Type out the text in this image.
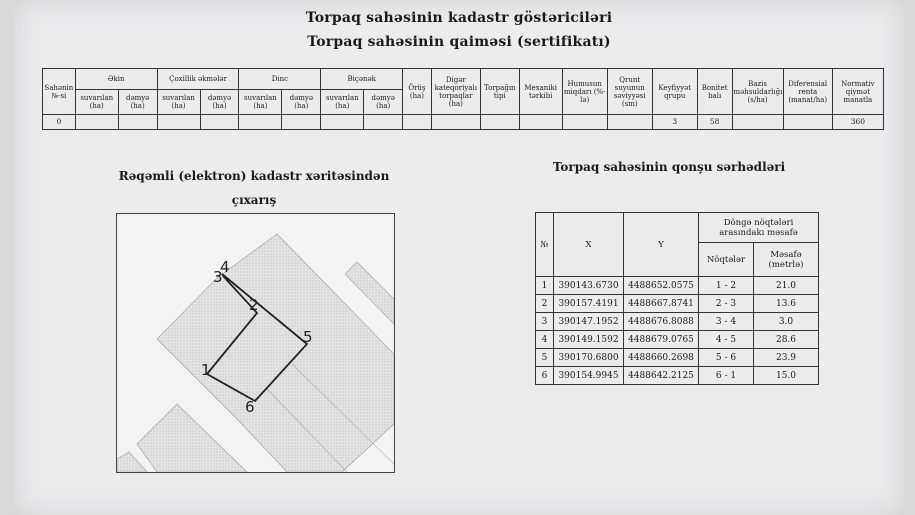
Torpaq sahəsinin kadastr göstəriciləri
Torpaq sahəsinin qaiməsi (sertifikatı)
Sahənin №-si	Əkin		Çoxillik əkmələr		Dinc		Biçənək		Örüş (ha)	Digər kateqoriyalı torpaqlar (ha)	Torpağın tipi	Mexaniki tərkibi	Humusun miqdarı (%-lə)	Qrunt suyunun səviyyəsi (sm)	Keyfiyyət qrupu	Bonitet balı	Bazis məhsuldarlığı (s/ha)	Diferensial renta (manat/ha)	Normativ qiymət manatla
	suvarılan (ha)	dəmyə (ha)	suvarılan (ha)	dəmyə (ha)	suvarılan (ha)	dəmyə (ha)	suvarılan (ha)	dəmyə (ha)											
0															3	58			360
Rəqəmli (elektron) kadastr xəritəsindən çıxarış
Torpaq sahəsinin qonşu sərhədləri
1
2
3
4
5
6
№	X	Y	Döngə nöqtələri arasındakı məsafə	
			Nöqtələr	Məsafə (metrlə)
1	390143.6730	4488652.0575	1 - 2	21.0
2	390157.4191	4488667.8741	2 - 3	13.6
3	390147.1952	4488676.8088	3 - 4	3.0
4	390149.1592	4488679.0765	4 - 5	28.6
5	390170.6800	4488660.2698	5 - 6	23.9
6	390154.9945	4488642.2125	6 - 1	15.0
